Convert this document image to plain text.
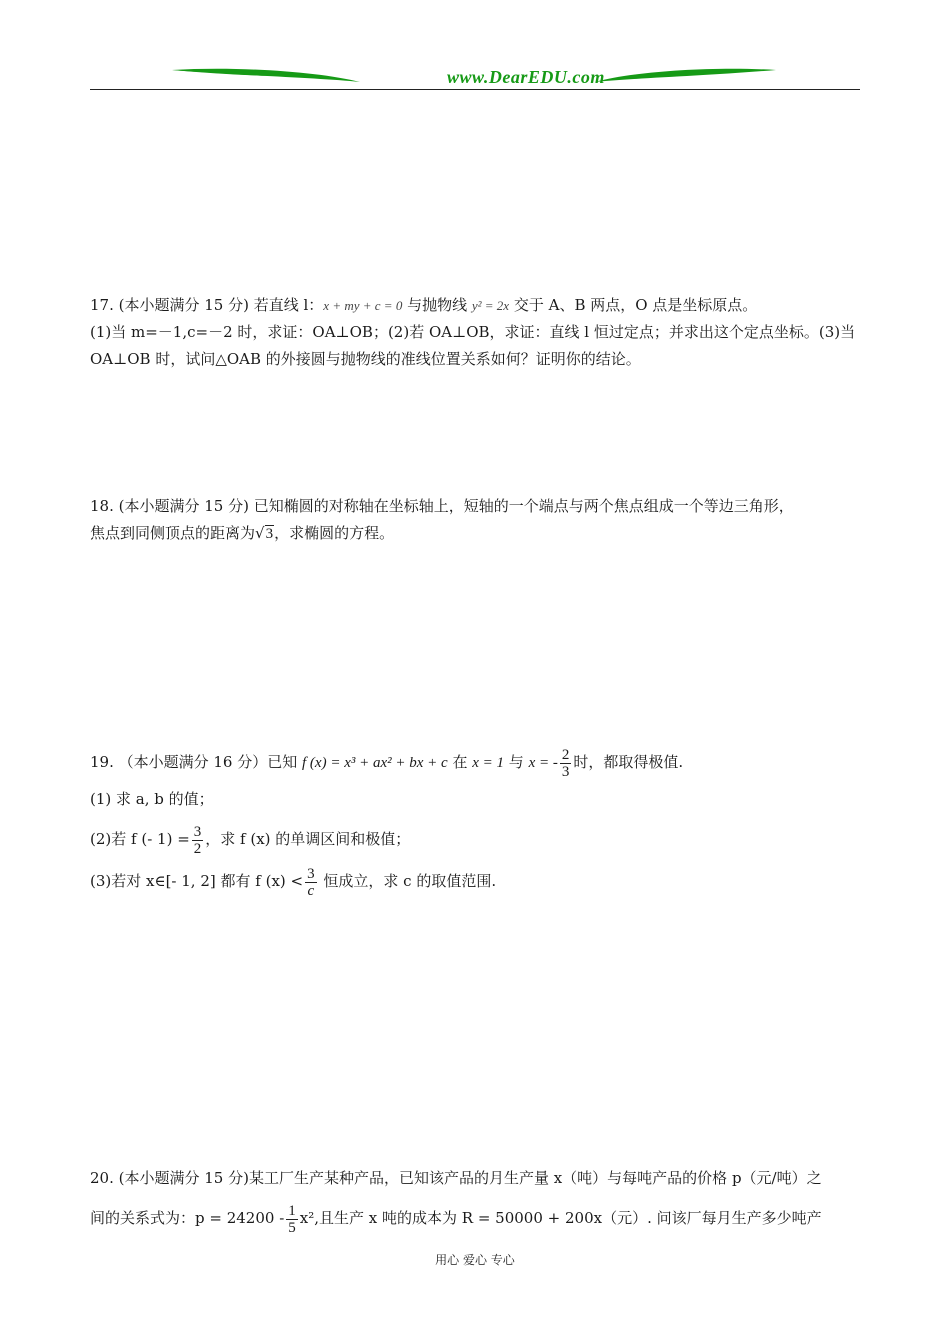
www.DearEDU.com

17. (本小题满分 15 分) 若直线 l：x + my + c = 0 与抛物线 y² = 2x 交于 A、B 两点，O 点是坐标原点。

(1)当 m=－1,c=－2 时，求证：OA⊥OB；(2)若 OA⊥OB，求证：直线 l 恒过定点；并求出这个定点坐标。(3)当

OA⊥OB 时，试问△OAB 的外接圆与抛物线的准线位置关系如何？证明你的结论。

18. (本小题满分 15 分) 已知椭圆的对称轴在坐标轴上，短轴的一个端点与两个焦点组成一个等边三角形，

焦点到同侧顶点的距离为√3，求椭圆的方程。

19. （本小题满分 16 分）已知 f (x) = x³ + ax² + bx + c 在 x = 1 与 x = - $\frac{2}{3}$ 时，都取得极值.

(1) 求 a, b 的值；

(2)若 f (- $1) = \frac{3}{2}$ ，求 f (x) 的单调区间和极值；

(3)若对 x∈[- 1, 2] 都有 f $(x) < \frac{3}{c}$ 恒成立，求 c 的取值范围.

20. (本小题满分 15 分)某工厂生产某种产品，已知该产品的月生产量 x（吨）与每吨产品的价格 p（元/吨）之

间的关系式为：$p = 24200 - \frac{1}{5} x^2$,且生产 x 吨的成本为 R = 50000 + 200x（元）. 问该厂每月生产多少吨产

用心 爱心 专心
